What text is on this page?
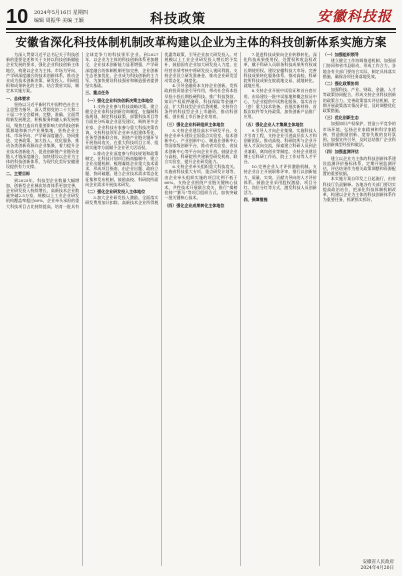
10 2024年5月16日 星期四
编辑 周振华 美编 王颖	科技政策	安徽科技报
安徽省深化科技体制机制改革构建以企业为主体的科技创新体系实施方案
为深入贯彻习近平总书记关于科技创新的重要论述和关于支持以科技创新赋能企业发展的要求，强化企业科技创新主体地位，构建以企业为主体、市场为导向、产学研深度融合的技术创新体系，推动企业成为技术创新决策、研发投入、科研组织和成果转化的主体，结合我省实际，制定本实施方案。
一、总体要求
坚持以习近平新时代中国特色社会主义思想为指导，深入贯彻党的二十大和二十届二中全会精神，完整、准确、全面贯彻新发展理念，积极服务和融入新发展格局，聚焦打造具有重要影响力的科技创新策源地和新兴产业聚集地，坚持企业主体、市场导向、产学研深度融合、协同推进、完善政策、加大投入、优化服务，推动各类创新资源向企业集聚，着力提升企业技术创新能力，促进创新链产业链资金链人才链深度融合，加快建设以企业为主体的科技创新体系，为现代化美好安徽建设提供有力支撑。
二、主要目标
到2025年，科技型企业数量大幅增加，创新型企业梯次培育体系更加完善，企业研发投入持续增长，高新技术企业数量突破2.5万家，规模以上工业企业研发机构覆盖率超过60%，企业牵头承担的重大科技项目占比持续提高，培育一批具有全球竞争力的科技领军企业。到2027年，以企业为主体的科技创新体系更加健全，企业技术创新能力显著增强，产学研深度融合的体制机制更加完善，企业创新生态更加优化，企业成为科技创新的主力军，为加快建设科技强省和制造强省提供坚实基础。
三、重点任务
（一）强化企业科技创新决策主体地位
1.支持企业参与科技战略决策。建立健全企业家科技创新咨询制度，在编制科技规划、制定科技政策、部署科技项目等方面充分听取企业意见建议，吸纳更多企业家、企业科技专家参与重大科技决策咨询。支持科技领军企业牵头组建体系化、任务型创新联合体，围绕产业链关键环节开展协同攻关，在重大科技项目立项、组织实施等方面赋予企业更大话语权。
2.推动企业深度参与科技规划和政策制定。在科技计划项目指南编制中，建立企业出题机制，梳理凝练企业重大技术需求，形成项目指南，由企业出题、政府立题、协同破题。建立企业技术需求常态化征集和发布机制，鼓励高校、科研院所面向企业需求开展技术研发。
（二）强化企业研发投入主体地位
3.加大企业研发投入激励。全面落实研发费用加计扣除、高新技术企业所得税优惠等政策，引导企业加大研发投入。对规模以上工业企业研发投入增长给予奖补，鼓励国有企业加大研发投入力度，在经营业绩考核中将研发投入视同利润。支持企业设立研发准备金，推动企业研发活动常态化、制度化。
4.引导金融资本支持企业创新。发挥政府投资基金引导作用，带动社会资本投早投小投长期投硬科技。推广科技贷款、知识产权质押融资、科技保险等金融产品，扩大科技型企业信贷规模。支持符合条件的科技型企业上市融资，推动科创板、创业板上市后备企业培育。
（三）强化企业科研组织主体地位
5.支持企业建设高水平研发平台。支持企业牵头建设全国重点实验室、技术创新中心、产业创新中心、制造业创新中心等国家级创新平台，推动省实验室、省技术创新中心等平台向企业开放。鼓励企业与高校、科研院所共建新型研发机构、联合实验室，提升企业研发能力。
6.支持企业牵头组织重大科技攻关。实施省科技重大专项、重点研发计划等，由企业牵头组织实施的项目比例不低于60%。支持企业围绕产业链关键核心技术、共性技术开展联合攻关，推行“揭榜挂帅”“赛马”等项目组织方式，加快突破一批关键核心技术。
（四）强化企业成果转化主体地位
7.促进科技成果向企业转移转化。深化科技成果使用权、处置权和收益权改革，赋予科研人员职务科技成果所有权或长期使用权。建设安徽科技大市场，完善科技成果转化服务体系，推动高校、科研院所科技成果在皖就地交易、就地转化、就地应用。
8.支持企业开展中试验证和首台套应用。布局建设一批中试基地和概念验证中心，为企业提供中试熟化服务。落实首台（套）重大技术装备、首批次新材料、首版次软件等支持政策，加快创新产品推广应用。
（五）强化企业人才集聚主体地位
9.引导人才向企业集聚。实施科技人才引育工程，支持企业引进高层次人才和创新团队。推动高校、科研院所与企业开展人才双向交流，探索建立科研人员到企业兼职、离岗创业等制度。支持企业建设博士后科研工作站、院士工作站等人才平台。
10.完善企业人才评价激励机制。支持企业自主开展职称评审，推行以创新能力、质量、实效、贡献为导向的人才评价体系。鼓励企业采用股权激励、项目分红、岗位分红等方式，激发科技人员创新活力。
四、保障措施
（一）加强组织领导
建立健全工作协调推进机制，加强部门协同和省市县联动，形成工作合力。各地各有关部门要结合实际，制定具体落实措施，确保各项任务落地见效。
（二）强化政策协同
加强科技、产业、财政、金融、人才等政策协同配合，形成支持企业科技创新的政策合力。完善政策落实评估机制，定期开展政策落实情况评估，及时调整优化政策措施。
（三）优化创新生态
加强知识产权保护，营造公平竞争的市场环境。弘扬企业家精神和科学家精神，营造鼓励创新、宽容失败的良好氛围。加强宣传引导，及时总结推广企业科技创新典型经验和做法。
（四）加强监测评估
建立以企业为主体的科技创新体系建设监测评价指标体系，定期开展监测评估，评估结果作为相关政策调整和资源配置的重要依据。
本实施方案自印发之日起施行，由省科技厅负责解释。各地各有关部门要切实提高政治站位，把深化科技体制机制改革、构建以企业为主体的科技创新体系作为重要任务，抓紧抓实抓好。
安徽省人民政府
2024年4月20日
